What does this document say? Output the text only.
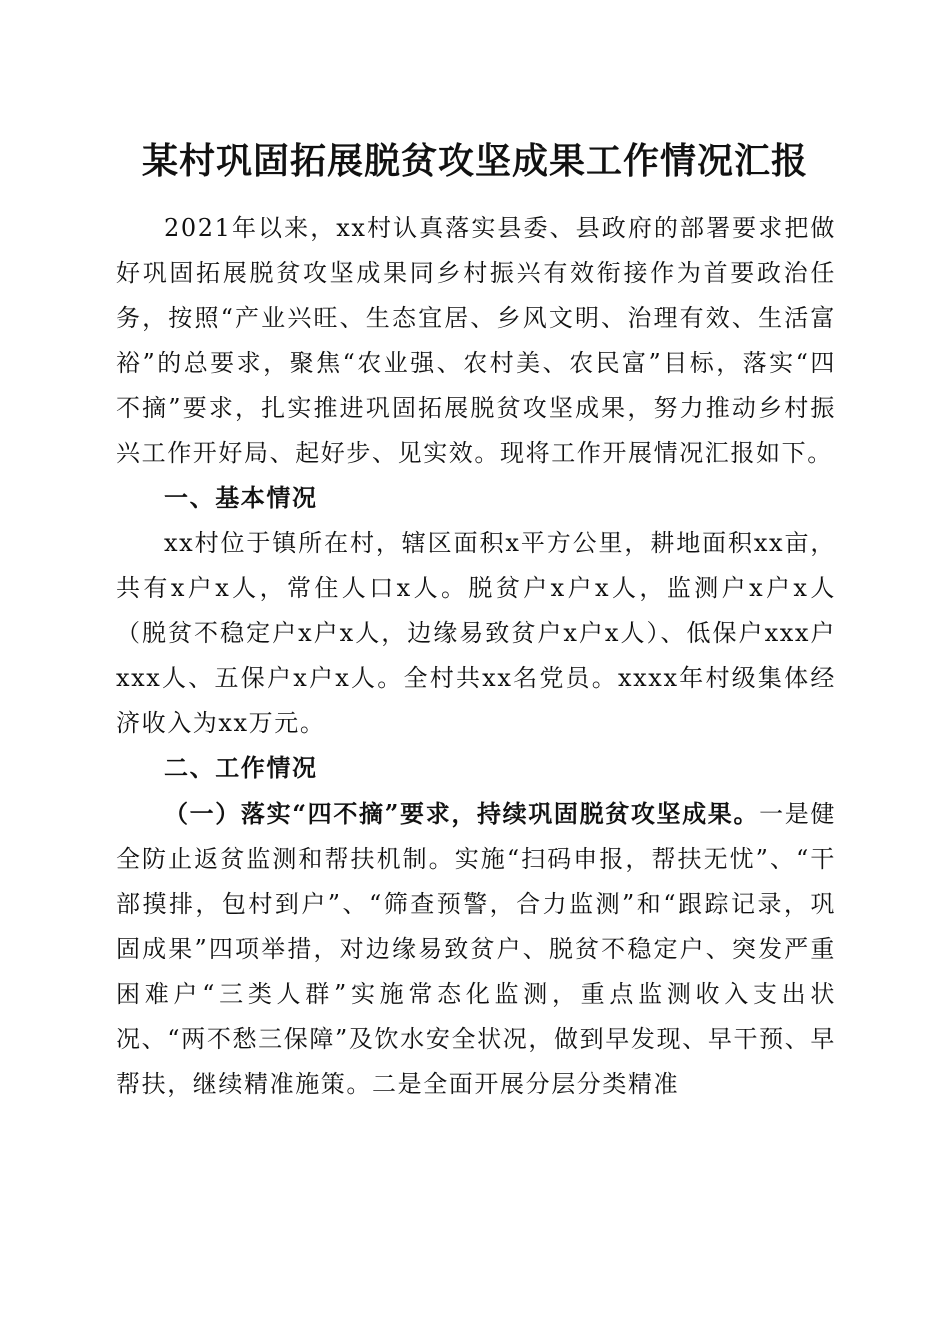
某村巩固拓展脱贫攻坚成果工作情况汇报

2021年以来，xx村认真落实县委、县政府的部署要求把做好巩固拓展脱贫攻坚成果同乡村振兴有效衔接作为首要政治任务，按照“产业兴旺、生态宜居、乡风文明、治理有效、生活富裕”的总要求，聚焦“农业强、农村美、农民富”目标，落实“四不摘”要求，扎实推进巩固拓展脱贫攻坚成果，努力推动乡村振兴工作开好局、起好步、见实效。现将工作开展情况汇报如下。

一、基本情况

xx村位于镇所在村，辖区面积x平方公里，耕地面积xx亩，共有x户x人，常住人口x人。脱贫户x户x人，监测户x户x人（脱贫不稳定户x户x人，边缘易致贫户x户x人）、低保户xxx户xxx人、五保户x户x人。全村共xx名党员。xxxx年村级集体经济收入为xx万元。

二、工作情况

（一）落实“四不摘”要求，持续巩固脱贫攻坚成果。一是健全防止返贫监测和帮扶机制。实施“扫码申报，帮扶无忧”、“干部摸排，包村到户”、“筛查预警，合力监测”和“跟踪记录，巩固成果”四项举措，对边缘易致贫户、脱贫不稳定户、突发严重困难户“三类人群”实施常态化监测，重点监测收入支出状况、“两不愁三保障”及饮水安全状况，做到早发现、早干预、早帮扶，继续精准施策。二是全面开展分层分类精准
